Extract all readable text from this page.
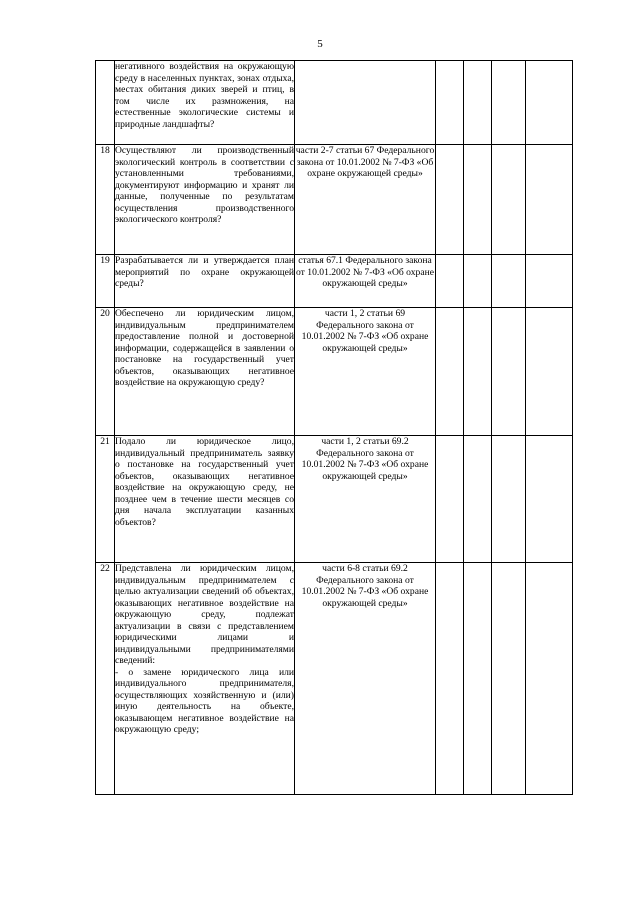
5
	негативного воздействия на окружающую среду в населенных пунктах, зонах отдыха, местах обитания диких зверей и птиц, в том числе их размножения, на естественные экологические системы и природные ландшафты?					
18	Осуществляют ли производственный экологический контроль в соответствии с установленными требованиями, документируют информацию и хранят ли данные, полученные по результатам осуществления производственного экологического контроля?	части 2-7 статьи 67 Федерального закона от 10.01.2002 № 7-ФЗ «Об охране окружающей среды»				
19	Разрабатывается ли и утверждается план мероприятий по охране окружающей среды?	статья 67.1 Федерального закона от 10.01.2002 № 7-ФЗ «Об охране окружающей среды»				
20	Обеспечено ли юридическим лицом, индивидуальным предпринимателем предоставление полной и достоверной информации, содержащейся в заявлении о постановке на государственный учет объектов, оказывающих негативное воздействие на окружающую среду?	части 1, 2 статьи 69 Федерального закона от 10.01.2002 № 7-ФЗ «Об охране окружающей среды»				
21	Подало ли юридическое лицо, индивидуальный предприниматель заявку о постановке на государственный учет объектов, оказывающих негативное воздействие на окружающую среду, не позднее чем в течение шести месяцев со дня начала эксплуатации казанных объектов?	части 1, 2 статьи 69.2 Федерального закона от 10.01.2002 № 7-ФЗ «Об охране окружающей среды»				
22	Представлена ли юридическим лицом, индивидуальным предпринимателем с целью актуализации сведений об объектах, оказывающих негативное воздействие на окружающую среду, подлежат актуализации в связи с представлением юридическими лицами и индивидуальными предпринимателями сведений:
- о замене юридического лица или индивидуального предпринимателя, осуществляющих хозяйственную и (или) иную деятельность на объекте, оказывающем негативное воздействие на окружающую среду;	части 6-8 статьи 69.2 Федерального закона от 10.01.2002 № 7-ФЗ «Об охране окружающей среды»				
